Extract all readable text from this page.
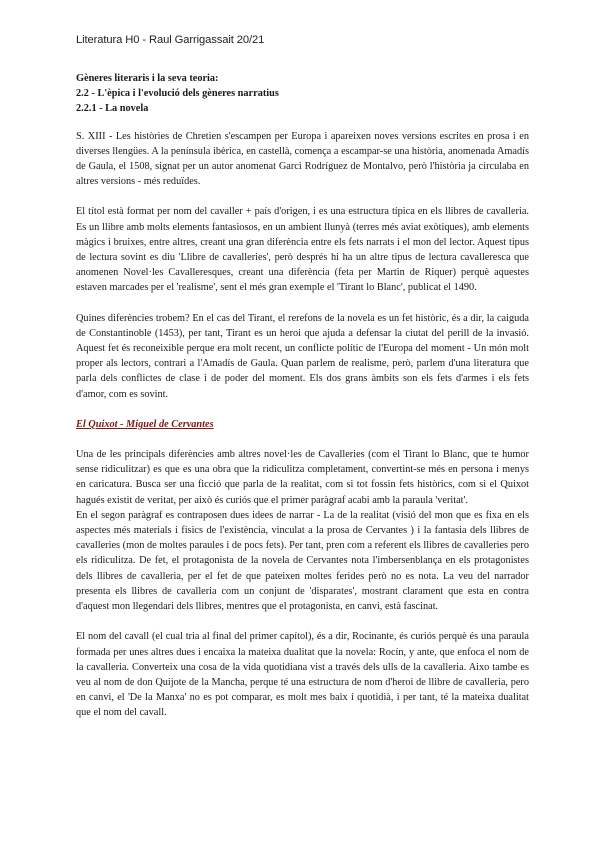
Literatura H0 - Raul Garrigassait 20/21
Gèneres literaris i la seva teoria:
2.2 - L'èpica i l'evolució dels gèneres narratius
2.2.1 - La novela

S. XIII - Les històries de Chretien s'escampen per Europa i apareixen noves versions escrites en prosa i en diverses llengües. A la península ibèrica, en castellà, comença a escampar-se una història, anomenada Amadís de Gaula, el 1508, signat per un autor anomenat Garci Rodríguez de Montalvo, però l'història ja circulaba en altres versions - més reduïdes.

El títol està format per nom del cavaller + país d'origen, i es una estructura típica en els llibres de cavalleria. Es un llibre amb molts elements fantasiosos, en un ambient llunyà (terres més aviat exòtiques), amb elements màgics i bruixes, entre altres, creant una gran diferència entre els fets narrats i el mon del lector. Aquest tipus de lectura sovint es diu 'Llibre de cavalleries', però després hi ha un altre tipus de lectura cavalleresca que anomenen Novel·les Cavalleresques, creant una diferència (feta per Martin de Riquer) perquè aquestes estaven marcades per el 'realisme', sent el més gran exemple el 'Tirant lo Blanc', publicat el 1490.

Quines diferències trobem? En el cas del Tirant, el rerefons de la novela es un fet històric, és a dir, la caiguda de Constantinoble (1453), per tant, Tirant es un heroi que ajuda a defensar la ciutat del perill de la invasió. Aquest fet és reconeixible perque era molt recent, un conflicte polític de l'Europa del moment - Un món molt proper als lectors, contrari a l'Amadís de Gaula. Quan parlem de realisme, però, parlem d'una literatura que parla dels conflictes de clase i de poder del moment. Els dos grans àmbits son els fets d'armes i els fets d'amor, com es sovint.

El Quixot - Miguel de Cervantes

Una de les principals diferències amb altres novel·les de Cavalleries (com el Tirant lo Blanc, que te humor sense ridiculitzar) es que es una obra que la ridiculitza completament, convertint-se més en persona i menys en caricatura. Busca ser una ficció que parla de la realitat, com si tot fossin fets històrics, com si el Quixot hagués existit de veritat, per això és curiós que el primer paràgraf acabi amb la paraula 'veritat'.

En el segon paràgraf es contraposen dues idees de narrar - La de la realitat (visió del mon que es fixa en els aspectes més materials i físics de l'existència, vinculat a la prosa de Cervantes ) i la fantasia dels llibres de cavalleries (mon de moltes paraules i de pocs fets). Per tant, pren com a referent els llibres de cavalleries pero els ridiculitza. De fet, el protagonista de la novela de Cervantes nota l'imbersenblança en els protagonistes dels llibres de cavalleria, per el fet de que pateixen moltes ferides però no es nota. La veu del narrador presenta els llibres de cavalleria com un conjunt de 'disparates', mostrant clarament que esta en contra d'aquest mon llegendari dels llibres, mentres que el protagonista, en canvi, està fascinat.

El nom del cavall (el cual tria al final del primer capítol), és a dir, Rocinante, és curiós perquè és una paraula formada per unes altres dues i encaixa la mateixa dualitat que la novela: Rocín, y ante, que enfoca el nom de la cavalleria. Converteix una cosa de la vida quotidiana vist a través dels ulls de la cavalleria. Aixo tambe es veu al nom de don Quijote de la Mancha, perque té una estructura de nom d'heroi de llibre de cavalleria, pero en canvi, el 'De la Manxa' no es pot comparar, es molt mes baix i quotidià, i per tant, té la mateixa dualitat que el nom del cavall.
